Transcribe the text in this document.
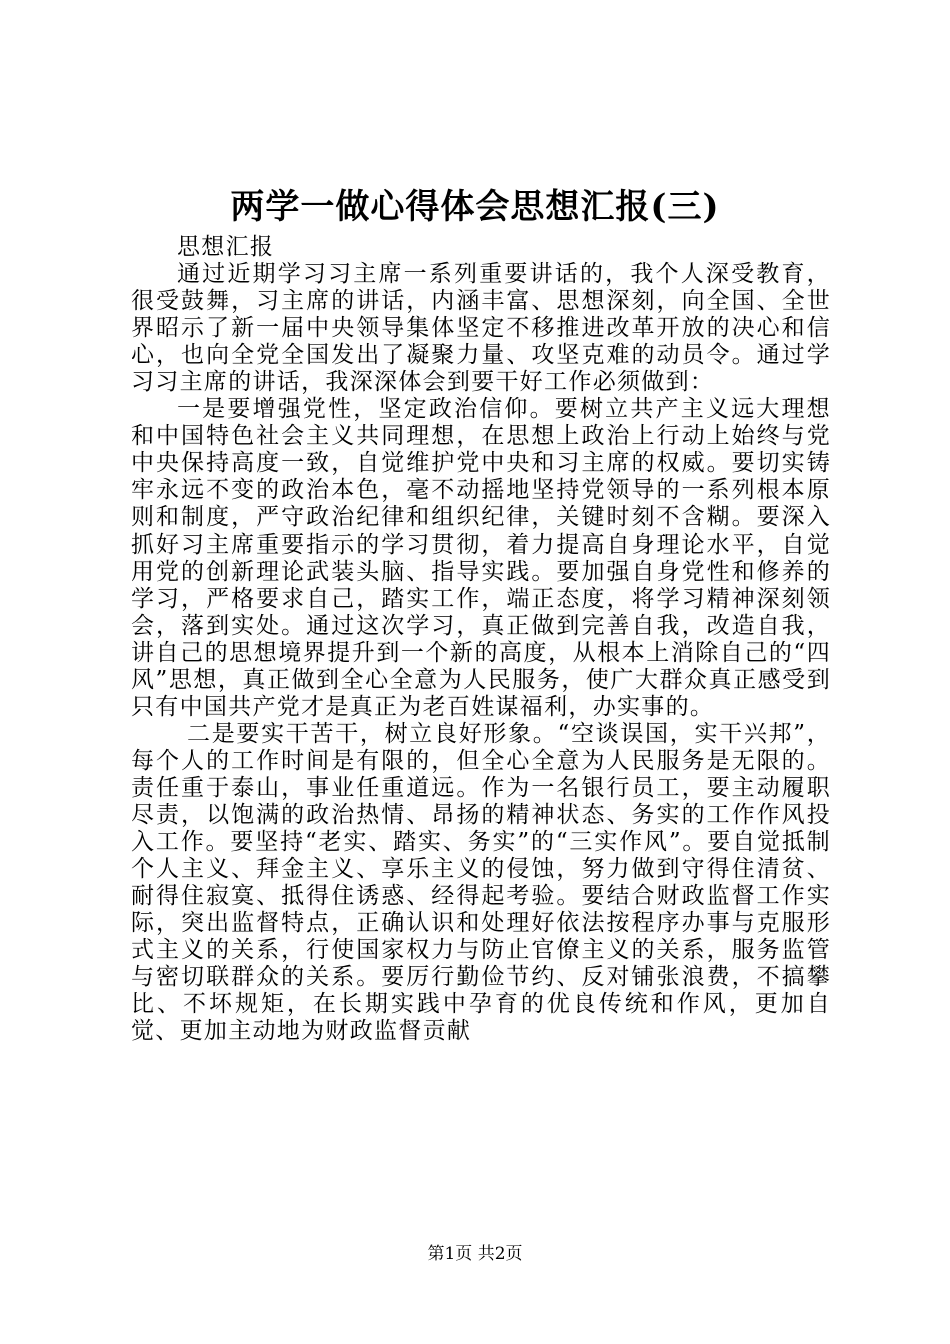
两学一做心得体会思想汇报(三)

思想汇报

通过近期学习习主席一系列重要讲话的，我个人深受教育，很受鼓舞，习主席的讲话，内涵丰富、思想深刻，向全国、全世界昭示了新一届中央领导集体坚定不移推进改革开放的决心和信心，也向全党全国发出了凝聚力量、攻坚克难的动员令。通过学习习主席的讲话，我深深体会到要干好工作必须做到：

一是要增强党性，坚定政治信仰。要树立共产主义远大理想和中国特色社会主义共同理想，在思想上政治上行动上始终与党中央保持高度一致，自觉维护党中央和习主席的权威。要切实铸牢永远不变的政治本色，毫不动摇地坚持党领导的一系列根本原则和制度，严守政治纪律和组织纪律，关键时刻不含糊。要深入抓好习主席重要指示的学习贯彻，着力提高自身理论水平，自觉用党的创新理论武装头脑、指导实践。要加强自身党性和修养的学习，严格要求自己，踏实工作，端正态度，将学习精神深刻领会，落到实处。通过这次学习，真正做到完善自我，改造自我，讲自己的思想境界提升到一个新的高度，从根本上消除自己的“四风”思想，真正做到全心全意为人民服务，使广大群众真正感受到只有中国共产党才是真正为老百姓谋福利，办实事的。

二是要实干苦干，树立良好形象。“空谈误国，实干兴邦”，每个人的工作时间是有限的，但全心全意为人民服务是无限的。责任重于泰山，事业任重道远。作为一名银行员工，要主动履职尽责，以饱满的政治热情、昂扬的精神状态、务实的工作作风投入工作。要坚持“老实、踏实、务实”的“三实作风”。要自觉抵制个人主义、拜金主义、享乐主义的侵蚀，努力做到守得住清贫、耐得住寂寞、抵得住诱惑、经得起考验。要结合财政监督工作实际，突出监督特点，正确认识和处理好依法按程序办事与克服形式主义的关系，行使国家权力与防止官僚主义的关系，服务监管与密切联群众的关系。要厉行勤俭节约、反对铺张浪费，不搞攀比、不坏规矩，在长期实践中孕育的优良传统和作风，更加自觉、更加主动地为财政监督贡献

第1页 共2页
